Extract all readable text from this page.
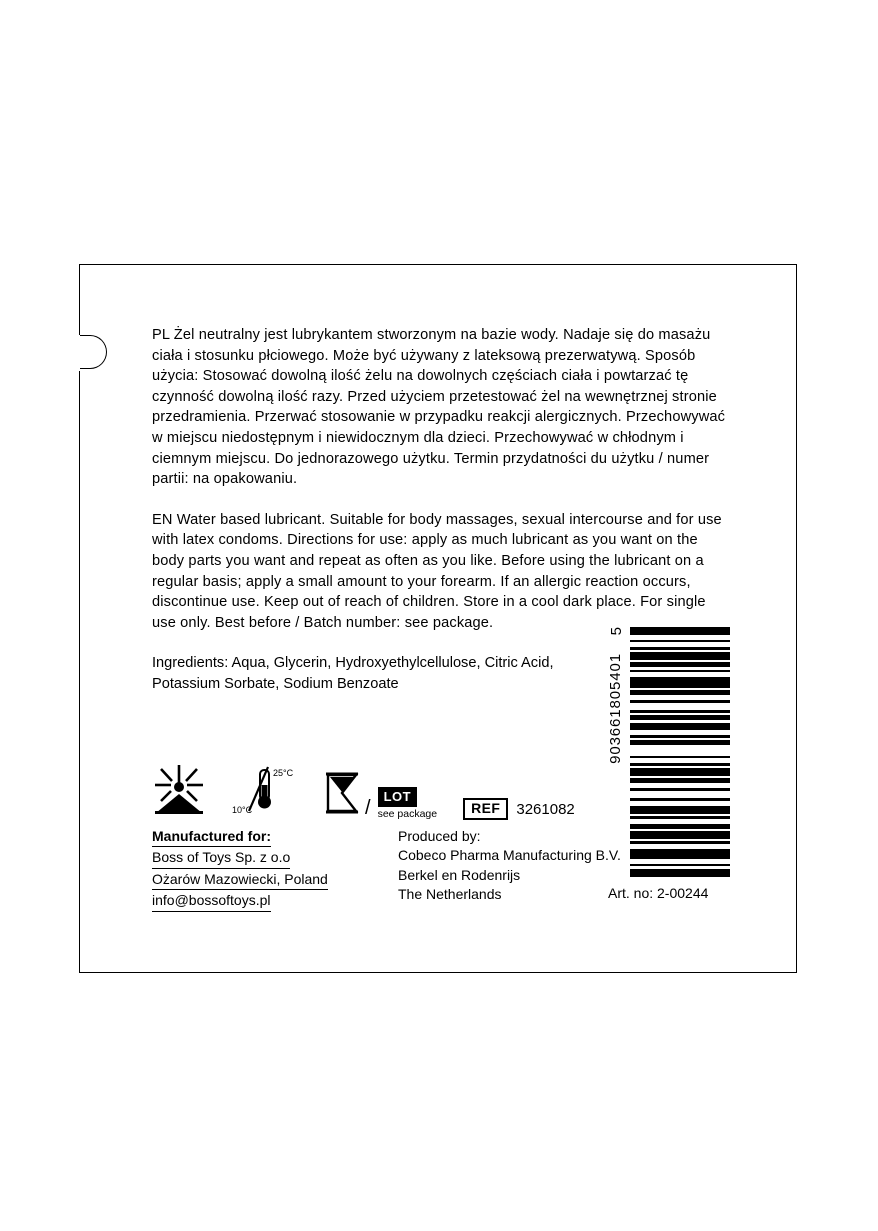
PL Żel neutralny jest lubrykantem stworzonym na bazie wody. Nadaje się do masażu ciała i stosunku płciowego. Może być używany z lateksową prezerwatywą. Sposób użycia: Stosować dowolną ilość żelu na dowolnych częściach ciała i powtarzać tę czynność dowolną ilość razy. Przed użyciem przetestować żel na wewnętrznej stronie przedramienia. Przerwać stosowanie w przypadku reakcji alergicznych. Przechowywać w miejscu niedostępnym i niewidocznym dla dzieci. Przechowywać w chłodnym i ciemnym miejscu. Do jednorazowego użytku. Termin przydatności du użytku / numer partii: na opakowaniu.

EN Water based lubricant. Suitable for body massages, sexual intercourse and for use with latex condoms. Directions for use: apply as much lubricant as you want on the body parts you want and repeat as often as you like. Before using the lubricant on a regular basis; apply a small amount to your forearm. If an allergic reaction occurs, discontinue use. Keep out of reach of children. Store in a cool dark place. For single use only. Best before / Batch number: see package.

Ingredients: Aqua, Glycerin, Hydroxyethylcellulose, Citric Acid, Potassium Sorbate, Sodium Benzoate

10°C
25°C
/
LOT
see package	REF	3261082
Manufactured for:
Boss of Toys Sp. z o.o
Ożarów Mazowiecki, Poland
info@bossoftoys.pl
Produced by:
Cobeco Pharma Manufacturing B.V.
Berkel en Rodenrijs
The Netherlands
5
903661805401
Art. no: 2-00244
